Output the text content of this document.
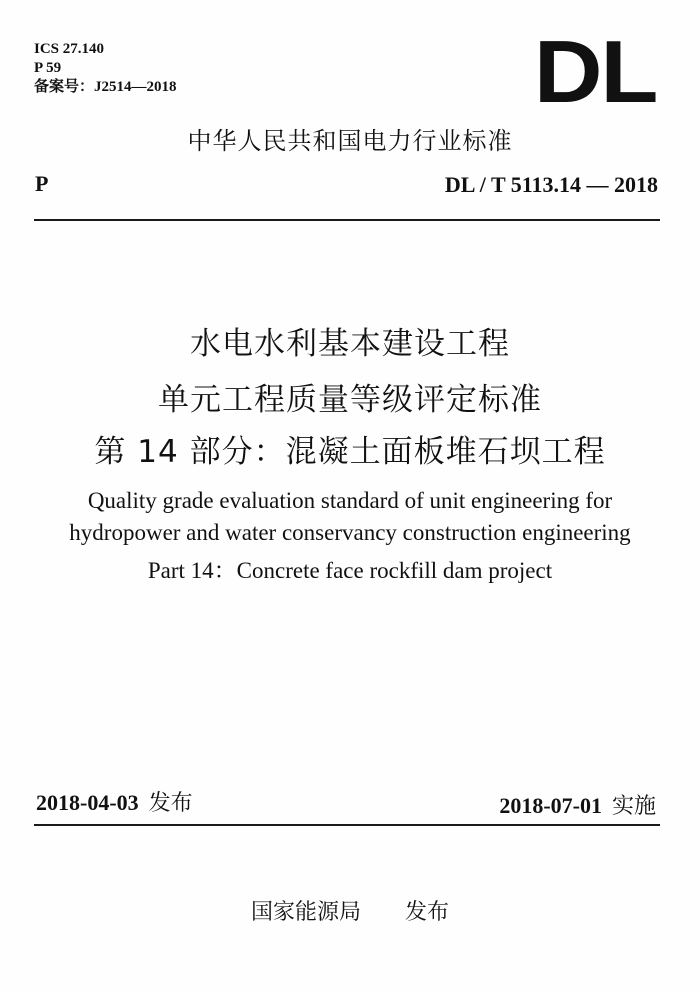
ICS 27.140
P 59
备案号：J2514—2018	DL
中华人民共和国电力行业标准
P	DL / T 5113.14 — 2018
水电水利基本建设工程
单元工程质量等级评定标准
第 14 部分：混凝土面板堆石坝工程
Quality grade evaluation standard of unit engineering for
hydropower and water conservancy construction engineering
Part 14：Concrete face rockfill dam project
2018-04-03 发布	2018-07-01 实施
国家能源局 发布
